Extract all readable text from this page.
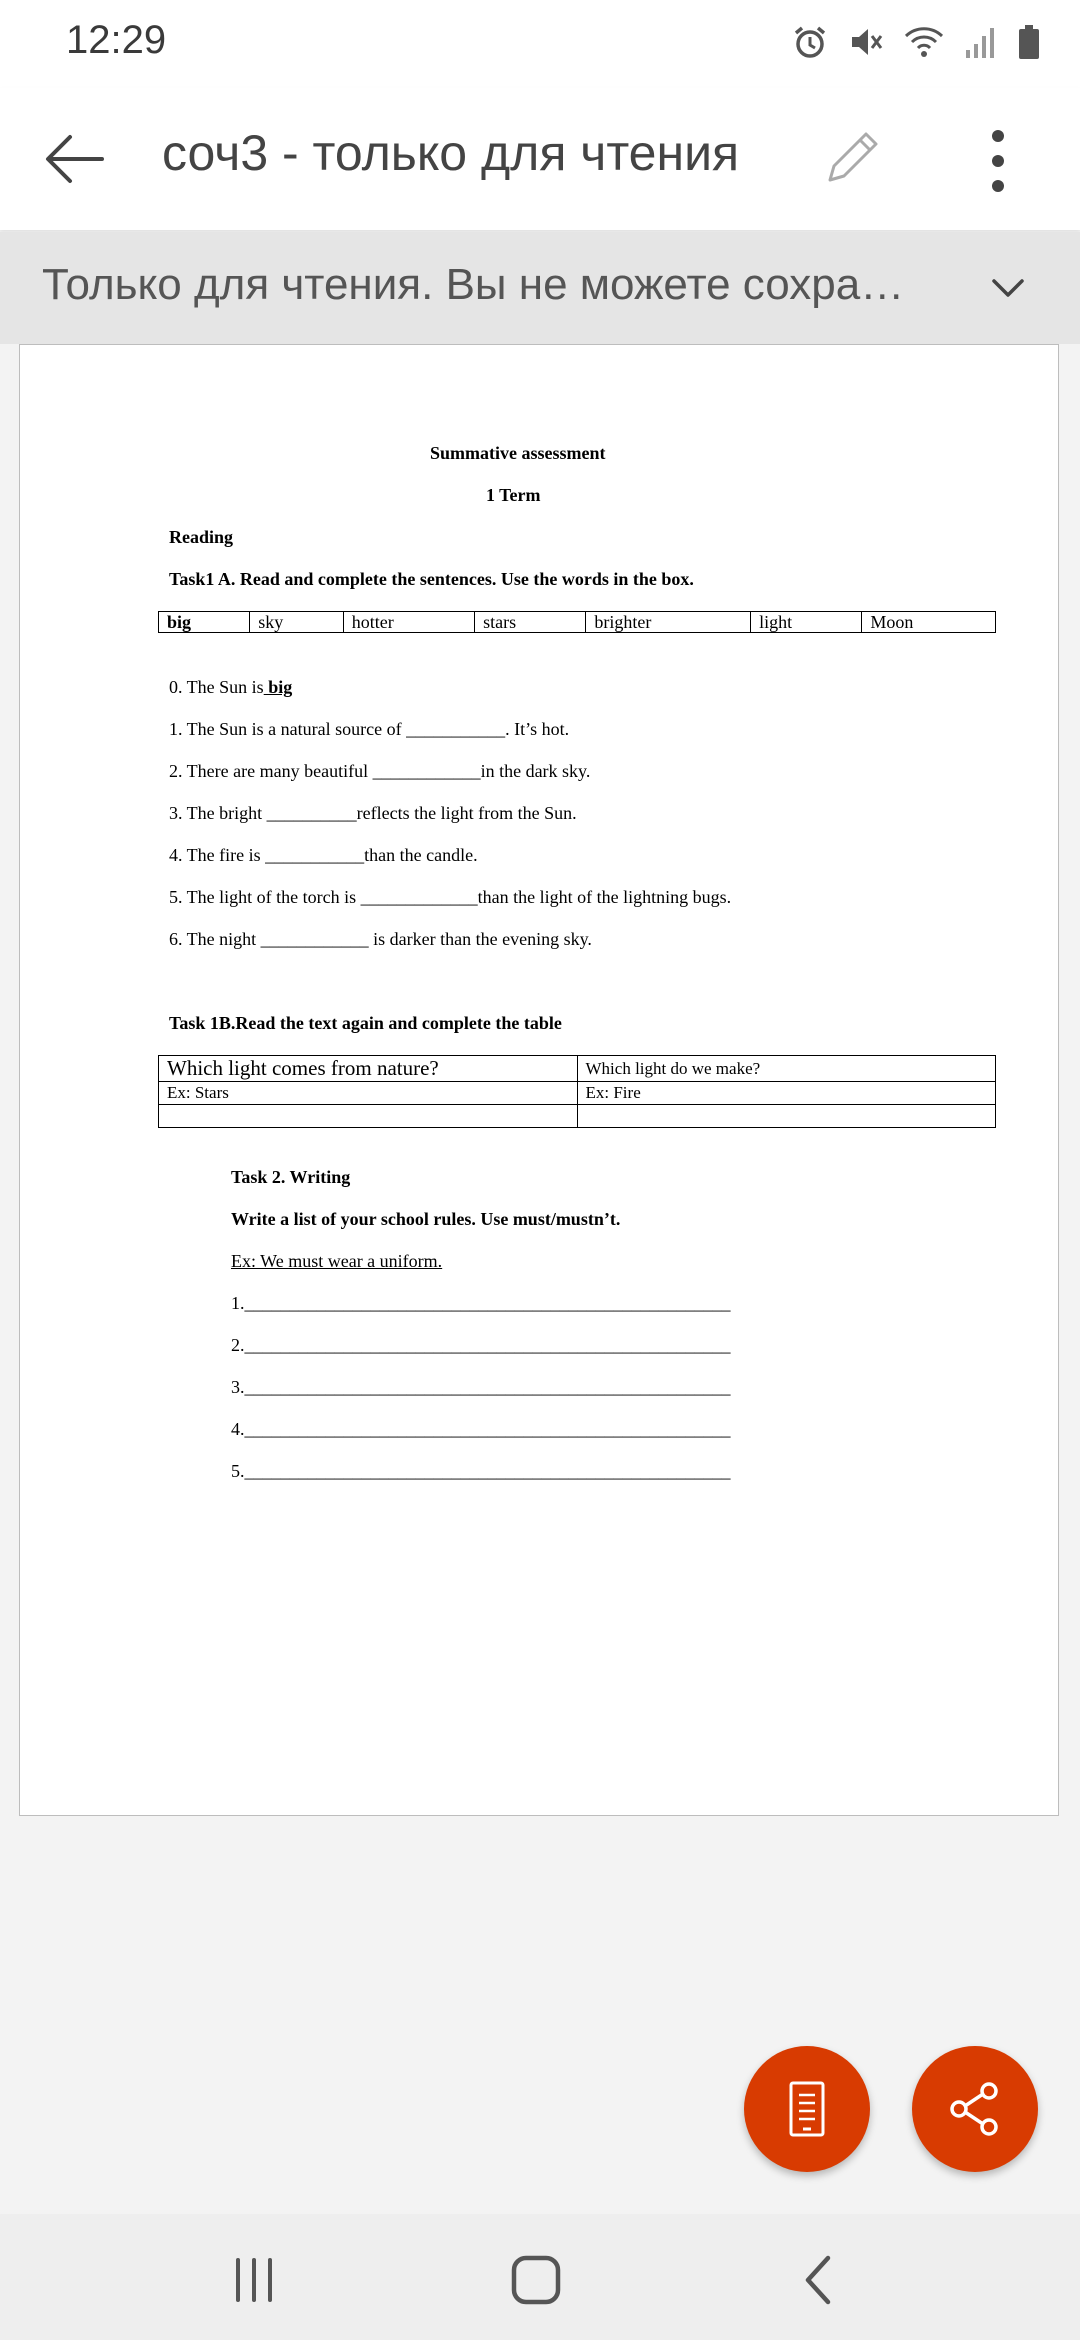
12:29
соч3 - только для чтения
Только для чтения. Вы не можете сохра…
Summative assessment
1 Term
Reading
Task1 A. Read and complete the sentences. Use the words in the box.
big	sky	hotter	stars	brighter	light	Moon
0. The Sun is big
1. The Sun is a natural source of ___________. It’s hot.
2. There are many beautiful ____________in the dark sky.
3. The bright __________reflects the light from the Sun.
4. The fire is ___________than the candle.
5. The light of the torch is _____________than the light of the lightning bugs.
6. The night ____________ is darker than the evening sky.
Task 1B.Read the text again and complete the table
Which light comes from nature?	Which light do we make?
Ex: Stars	Ex: Fire

Task 2. Writing
Write a list of your school rules. Use must/mustn’t.
Ex: We must wear a uniform.
1.______________________________________________________
2.______________________________________________________
3.______________________________________________________
4.______________________________________________________
5.______________________________________________________
